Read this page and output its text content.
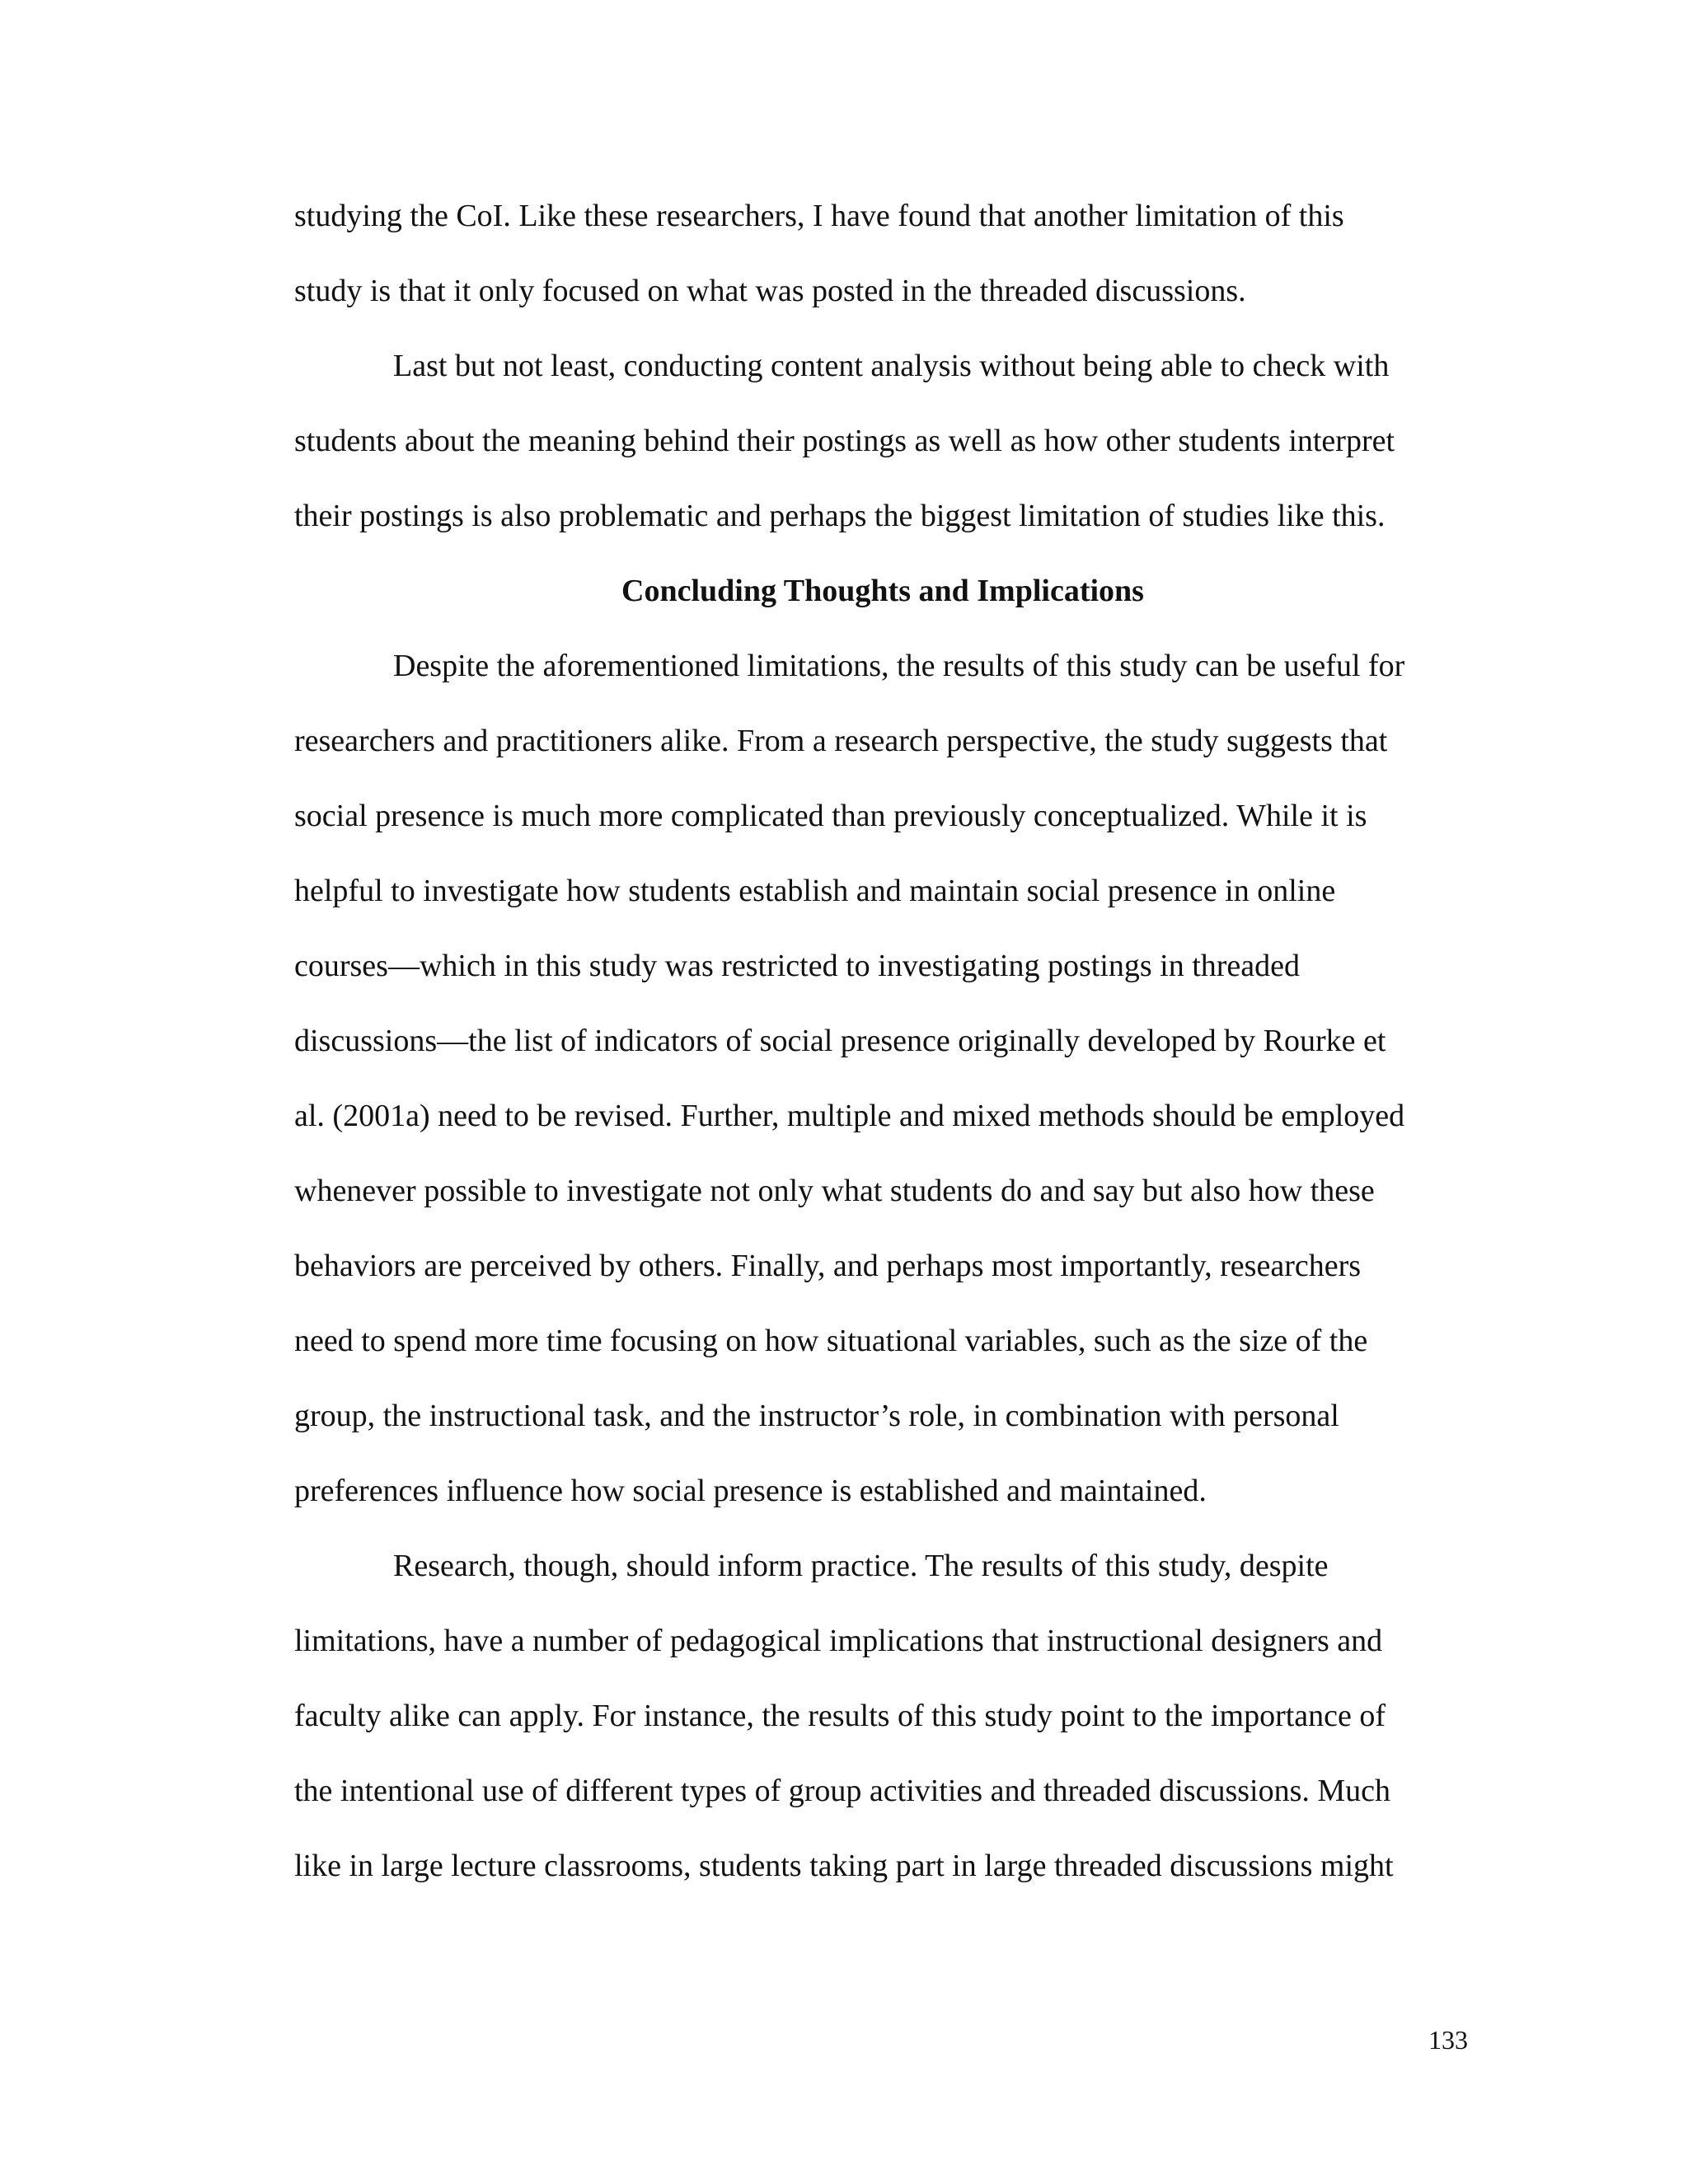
studying the CoI. Like these researchers, I have found that another limitation of this
study is that it only focused on what was posted in the threaded discussions.
Last but not least, conducting content analysis without being able to check with
students about the meaning behind their postings as well as how other students interpret
their postings is also problematic and perhaps the biggest limitation of studies like this.
Concluding Thoughts and Implications
Despite the aforementioned limitations, the results of this study can be useful for
researchers and practitioners alike. From a research perspective, the study suggests that
social presence is much more complicated than previously conceptualized. While it is
helpful to investigate how students establish and maintain social presence in online
courses—which in this study was restricted to investigating postings in threaded
discussions—the list of indicators of social presence originally developed by Rourke et
al. (2001a) need to be revised. Further, multiple and mixed methods should be employed
whenever possible to investigate not only what students do and say but also how these
behaviors are perceived by others. Finally, and perhaps most importantly, researchers
need to spend more time focusing on how situational variables, such as the size of the
group, the instructional task, and the instructor’s role, in combination with personal
preferences influence how social presence is established and maintained.
Research, though, should inform practice. The results of this study, despite
limitations, have a number of pedagogical implications that instructional designers and
faculty alike can apply. For instance, the results of this study point to the importance of
the intentional use of different types of group activities and threaded discussions. Much
like in large lecture classrooms, students taking part in large threaded discussions might
133
